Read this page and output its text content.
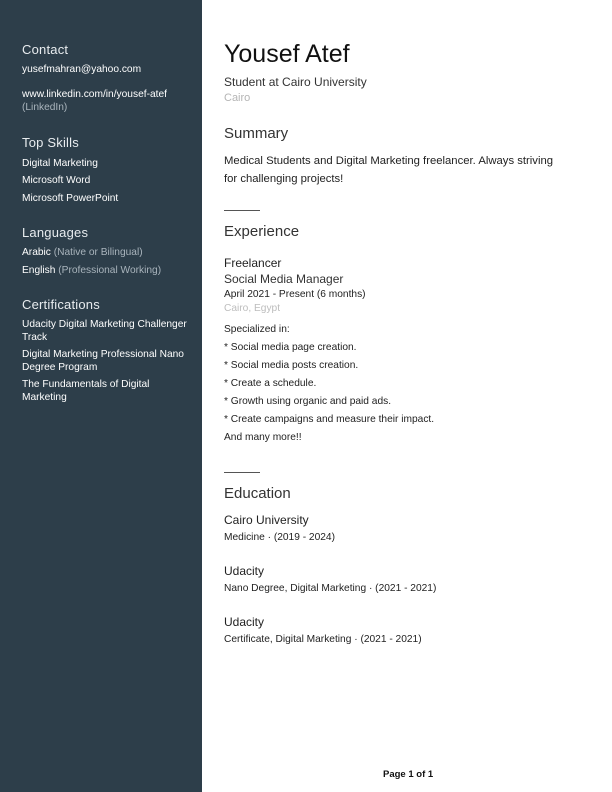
Contact
yusefmahran@yahoo.com
www.linkedin.com/in/yousef-atef
(LinkedIn)
Top Skills
Digital Marketing
Microsoft Word
Microsoft PowerPoint
Languages
Arabic (Native or Bilingual)
English (Professional Working)
Certifications
Udacity Digital Marketing Challenger
Track
Digital Marketing Professional Nano
Degree Program
The Fundamentals of Digital
Marketing
Yousef Atef
Student at Cairo University
Cairo
Summary
Medical Students and Digital Marketing freelancer. Always striving
for challenging projects!
Experience
Freelancer
Social Media Manager
April 2021 - Present (6 months)
Cairo, Egypt
Specialized in:
* Social media page creation.
* Social media posts creation.
* Create a schedule.
* Growth using organic and paid ads.
* Create campaigns and measure their impact.
And many more!!
Education
Cairo University
Medicine · (2019 - 2024)
Udacity
Nano Degree, Digital Marketing · (2021 - 2021)
Udacity
Certificate, Digital Marketing · (2021 - 2021)
Page 1 of 1
